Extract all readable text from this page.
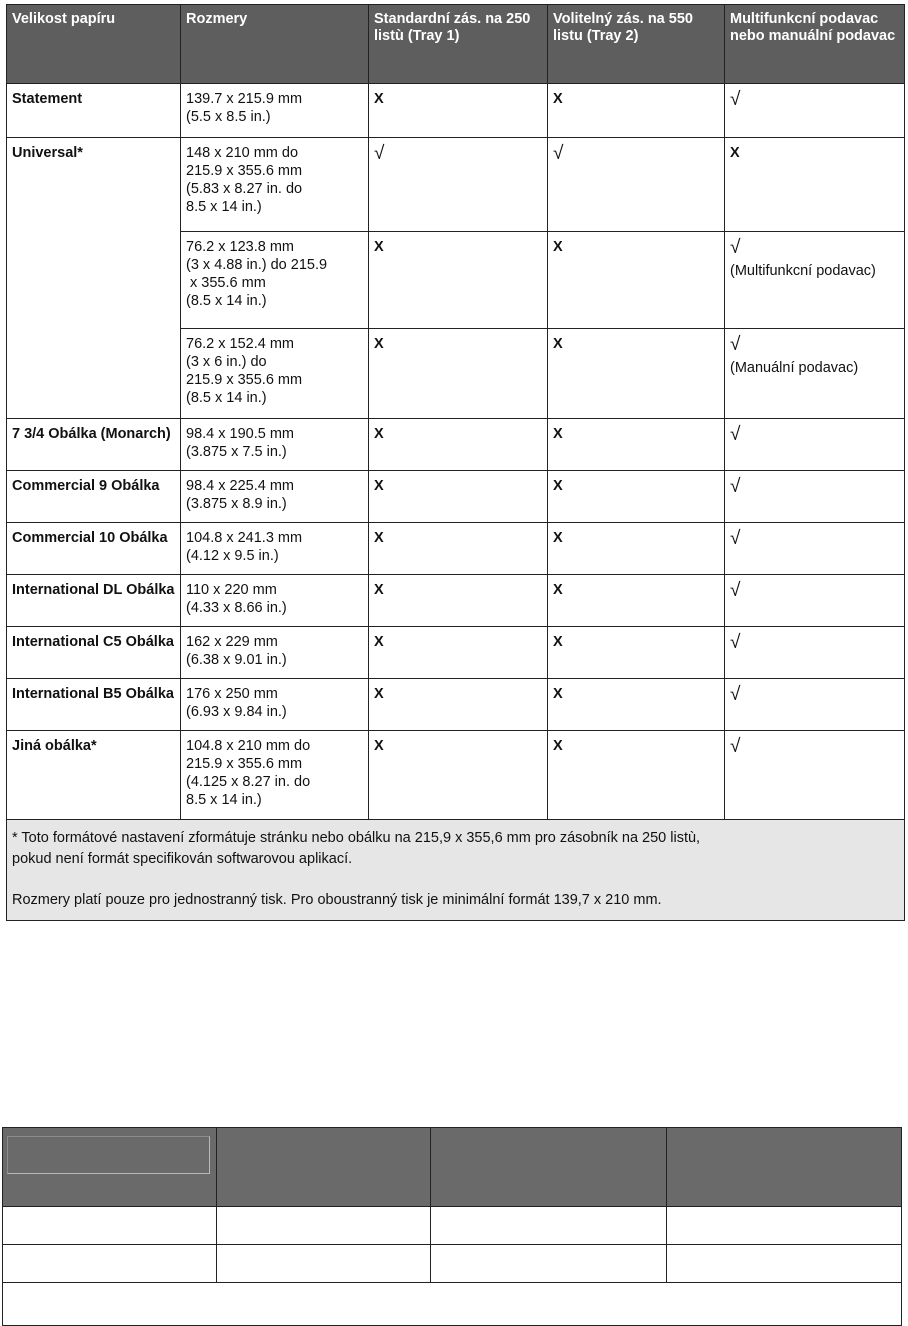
Velikost papíru	Rozmery	Standardní zás. na 250 listù (Tray 1)	Volitelný zás. na 550 listu (Tray 2)	Multifunkcní podavac nebo manuální podavac
Statement	139.7 x 215.9 mm
(5.5 x 8.5 in.)	X	X	√

Universal*	148 x 210 mm do
215.9 x 355.6 mm
(5.83 x 8.27 in. do
8.5 x 14 in.)	√	√	X

	76.2 x 123.8 mm
(3 x 4.88 in.) do 215.9
x 355.6 mm
(8.5 x 14 in.)	X	X	√
(Multifunkcní podavac)

	76.2 x 152.4 mm
(3 x 6 in.) do
215.9 x 355.6 mm
(8.5 x 14 in.)	X	X	√
(Manuální podavac)

7 3/4 Obálka (Monarch)	98.4 x 190.5 mm
(3.875 x 7.5 in.)	X	X	√

Commercial 9 Obálka	98.4 x 225.4 mm
(3.875 x 8.9 in.)	X	X	√

Commercial 10 Obálka	104.8 x 241.3 mm
(4.12 x 9.5 in.)	X	X	√

International DL Obálka	110 x 220 mm
(4.33 x 8.66 in.)	X	X	√

International C5 Obálka	162 x 229 mm
(6.38 x 9.01 in.)	X	X	√

International B5 Obálka	176 x 250 mm
(6.93 x 9.84 in.)	X	X	√

Jiná obálka*	104.8 x 210 mm do
215.9 x 355.6 mm
(4.125 x 8.27 in. do
8.5 x 14 in.)	X	X	√

* Toto formátové nastavení zformátuje stránku nebo obálku na 215,9 x 355,6 mm pro zásobník na 250 listù,
pokud není formát specifikován softwarovou aplikací.
Rozmery platí pouze pro jednostranný tisk. Pro oboustranný tisk je minimální formát 139,7 x 210 mm.				
